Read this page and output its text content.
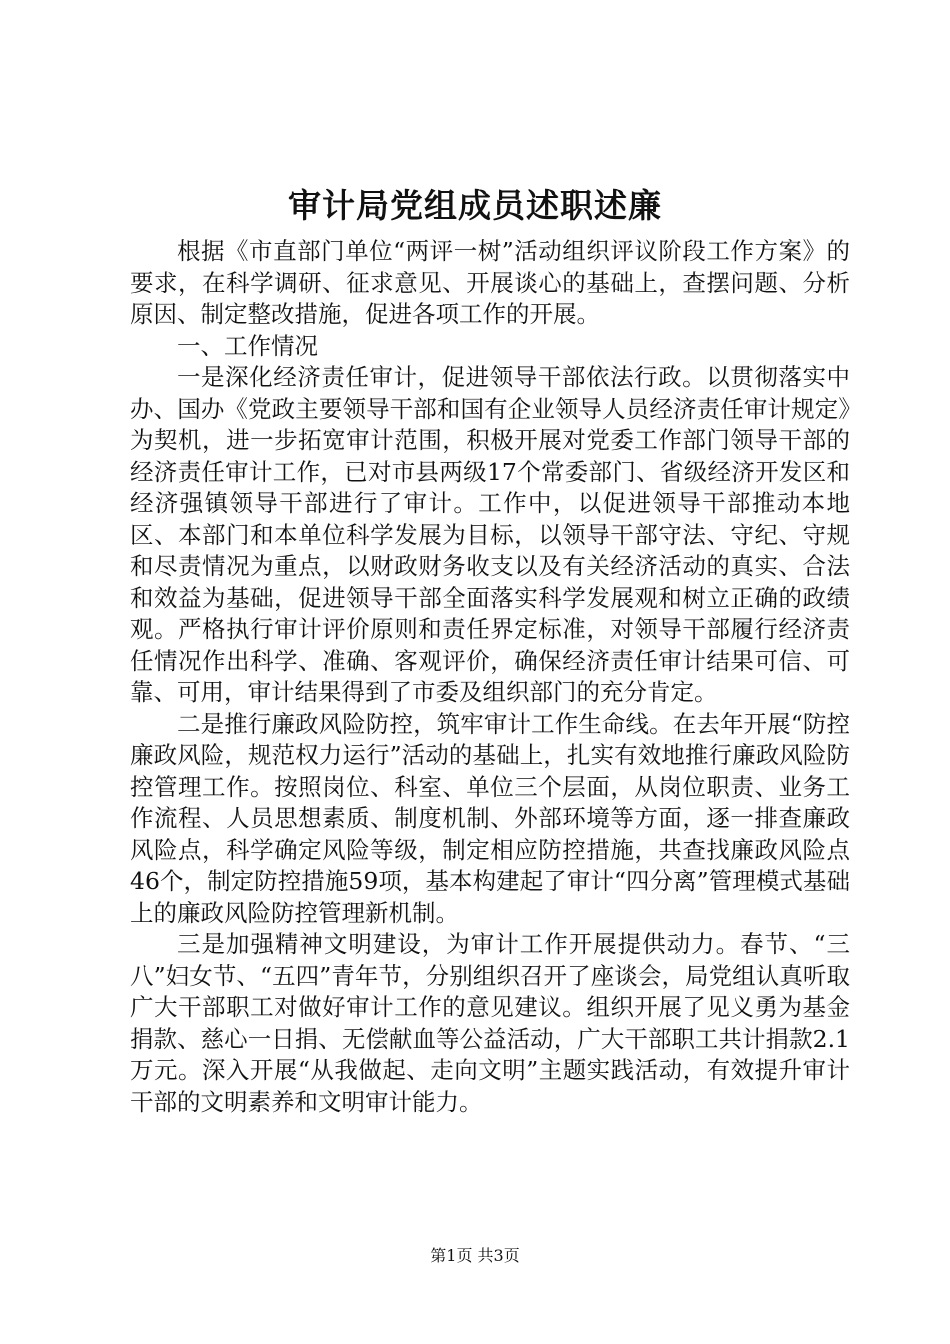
审计局党组成员述职述廉

根据《市直部门单位“两评一树”活动组织评议阶段工作方案》的要求，在科学调研、征求意见、开展谈心的基础上，查摆问题、分析原因、制定整改措施，促进各项工作的开展。

一、工作情况

一是深化经济责任审计，促进领导干部依法行政。以贯彻落实中办、国办《党政主要领导干部和国有企业领导人员经济责任审计规定》为契机，进一步拓宽审计范围，积极开展对党委工作部门领导干部的经济责任审计工作，已对市县两级17个常委部门、省级经济开发区和经济强镇领导干部进行了审计。工作中，以促进领导干部推动本地区、本部门和本单位科学发展为目标，以领导干部守法、守纪、守规和尽责情况为重点，以财政财务收支以及有关经济活动的真实、合法和效益为基础，促进领导干部全面落实科学发展观和树立正确的政绩观。严格执行审计评价原则和责任界定标准，对领导干部履行经济责任情况作出科学、准确、客观评价，确保经济责任审计结果可信、可靠、可用，审计结果得到了市委及组织部门的充分肯定。

二是推行廉政风险防控，筑牢审计工作生命线。在去年开展“防控廉政风险，规范权力运行”活动的基础上，扎实有效地推行廉政风险防控管理工作。按照岗位、科室、单位三个层面，从岗位职责、业务工作流程、人员思想素质、制度机制、外部环境等方面，逐一排查廉政风险点，科学确定风险等级，制定相应防控措施，共查找廉政风险点46个，制定防控措施59项，基本构建起了审计“四分离”管理模式基础上的廉政风险防控管理新机制。

三是加强精神文明建设，为审计工作开展提供动力。春节、“三八”妇女节、“五四”青年节，分别组织召开了座谈会，局党组认真听取广大干部职工对做好审计工作的意见建议。组织开展了见义勇为基金捐款、慈心一日捐、无偿献血等公益活动，广大干部职工共计捐款2.1万元。深入开展“从我做起、走向文明”主题实践活动，有效提升审计干部的文明素养和文明审计能力。

第1页 共3页
